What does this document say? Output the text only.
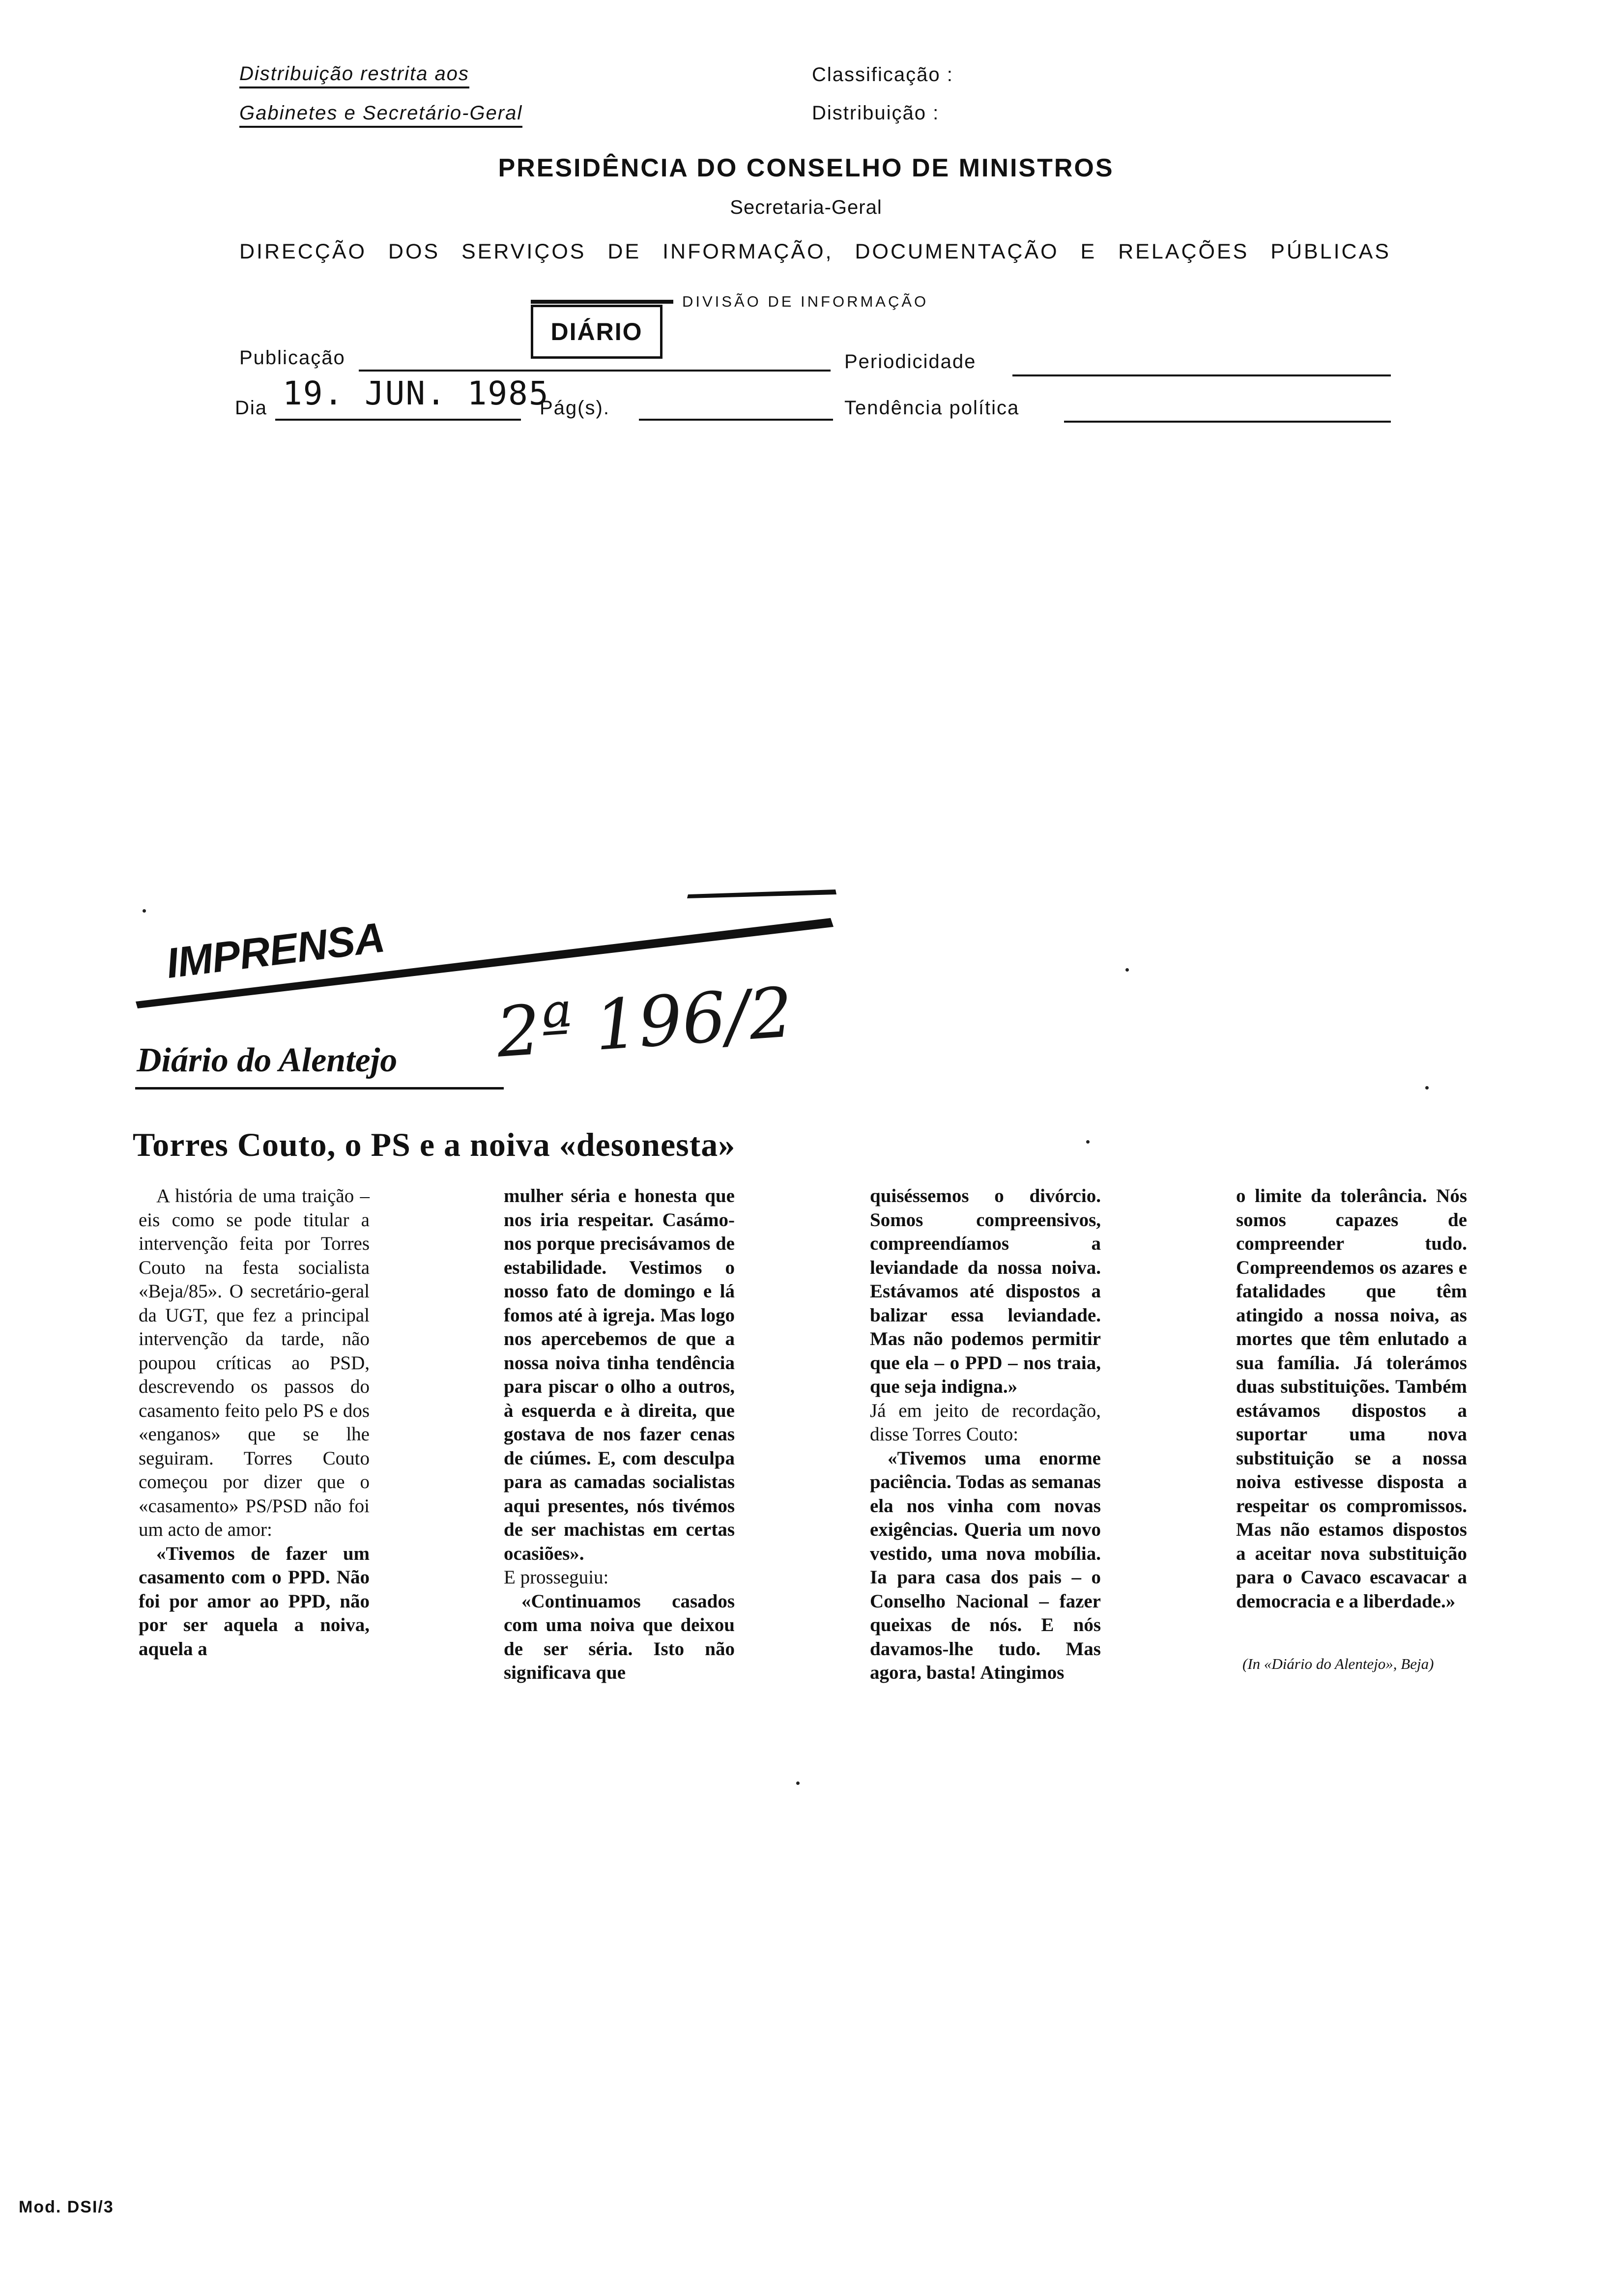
Distribuição restrita aos
Gabinetes e Secretário-Geral
Classificação :
Distribuição :
PRESIDÊNCIA DO CONSELHO DE MINISTROS
Secretaria-Geral
DIRECÇÃO DOS SERVIÇOS DE INFORMAÇÃO, DOCUMENTAÇÃO E RELAÇÕES PÚBLICAS
DIÁRIO
DIVISÃO DE INFORMAÇÃO
Publicação	Periodicidade
Dia 19. JUN. 1985
Pág(s).	Tendência política
IMPRENSA
Diário do Alentejo 2ª 196/2
Torres Couto, o PS e a noiva «desonesta»

A história de uma traição – eis como se pode titular a intervenção feita por Torres Couto na festa socialista «Beja/85». O secretário-geral da UGT, que fez a principal intervenção da tarde, não poupou críticas ao PSD, descrevendo os passos do casamento feito pelo PS e dos «enganos» que se lhe seguiram. Torres Couto começou por dizer que o «casamento» PS/PSD não foi um acto de amor:

«Tivemos de fazer um casamento com o PPD. Não foi por amor ao PPD, não por ser aquela a noiva, aquela a

mulher séria e honesta que nos iria respeitar. Casámo-nos porque precisávamos de estabilidade. Vestimos o nosso fato de domingo e lá fomos até à igreja. Mas logo nos apercebemos de que a nossa noiva tinha tendência para piscar o olho a outros, à esquerda e à direita, que gostava de nos fazer cenas de ciúmes. E, com desculpa para as camadas socialistas aqui presentes, nós tivémos de ser machistas em certas ocasiões».

E prosseguiu:

«Continuamos casados com uma noiva que deixou de ser séria. Isto não significava que

quiséssemos o divórcio. Somos compreensivos, compreendíamos a leviandade da nossa noiva. Estávamos até dispostos a balizar essa leviandade. Mas não podemos permitir que ela – o PPD – nos traia, que seja indigna.»

Já em jeito de recordação, disse Torres Couto:

«Tivemos uma enorme paciência. Todas as semanas ela nos vinha com novas exigências. Queria um novo vestido, uma nova mobília. Ia para casa dos pais – o Conselho Nacional – fazer queixas de nós. E nós davamos-lhe tudo. Mas agora, basta! Atingimos

o limite da tolerância. Nós somos capazes de compreender tudo. Compreendemos os azares e fatalidades que têm atingido a nossa noiva, as mortes que têm enlutado a sua família. Já tolerámos duas substituições. Também estávamos dispostos a suportar uma nova substituição se a nossa noiva estivesse disposta a respeitar os compromissos. Mas não estamos dispostos a aceitar nova substituição para o Cavaco escavacar a democracia e a liberdade.»

(In «Diário do Alentejo», Beja)
Mod. DSI/3
